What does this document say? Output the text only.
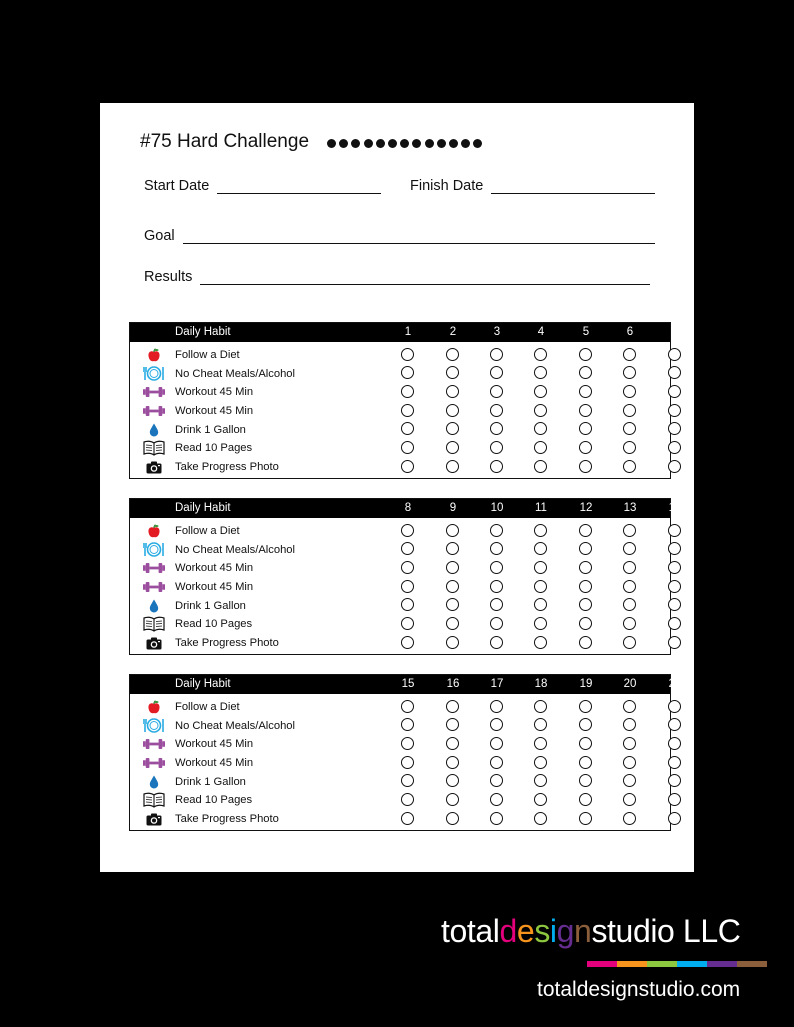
#75 Hard Challenge
Start Date	Finish Date
Goal
Results
Daily Habit	1	2	3	4	5	6	7
Follow a Diet
No Cheat Meals/Alcohol
Workout 45 Min
Workout 45 Min
Drink 1 Gallon
Read 10 Pages
Take Progress Photo
Daily Habit	8	9	10	11	12	13	14
Follow a Diet
No Cheat Meals/Alcohol
Workout 45 Min
Workout 45 Min
Drink 1 Gallon
Read 10 Pages
Take Progress Photo
Daily Habit	15	16	17	18	19	20	21
Follow a Diet
No Cheat Meals/Alcohol
Workout 45 Min
Workout 45 Min
Drink 1 Gallon
Read 10 Pages
Take Progress Photo
totaldesignstudio LLC
totaldesignstudio.com
